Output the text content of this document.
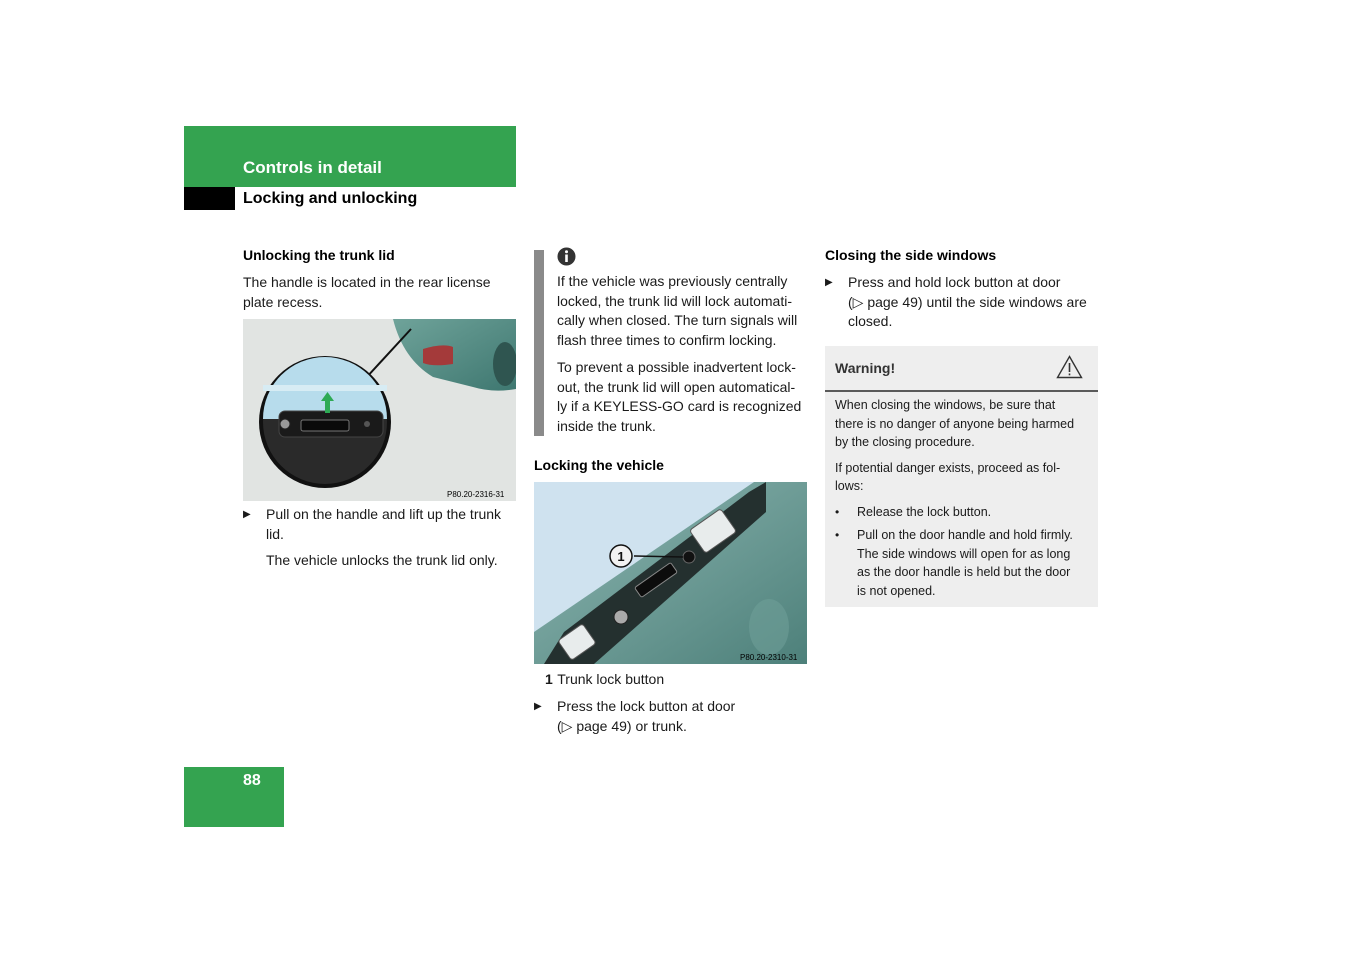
Controls in detail
Locking and unlocking
Unlocking the trunk lid

The handle is located in the rear license

plate recess.

P80.20-2316-31
▶	Pull on the handle and lift up the trunk

lid.

The vehicle unlocks the trunk lid only.

If the vehicle was previously centrally

locked, the trunk lid will lock automati-

cally when closed. The turn signals will

flash three times to confirm locking.

To prevent a possible inadvertent lock-

out, the trunk lid will open automatical-

ly if a KEYLESS-GO card is recognized

inside the trunk.

Locking the vehicle
1
P80.20-2310-31
1 Trunk lock button
▶	Press the lock button at door

(▷ page 49) or trunk.

Closing the side windows
▶	Press and hold lock button at door

(▷ page 49) until the side windows are

closed.

Warning!
When closing the windows, be sure that
there is no danger of anyone being harmed
by the closing procedure.
If potential danger exists, proceed as fol-
lows:
•	Release the lock button.
•	Pull on the door handle and hold firmly.
The side windows will open for as long
as the door handle is held but the door
is not opened.
88
